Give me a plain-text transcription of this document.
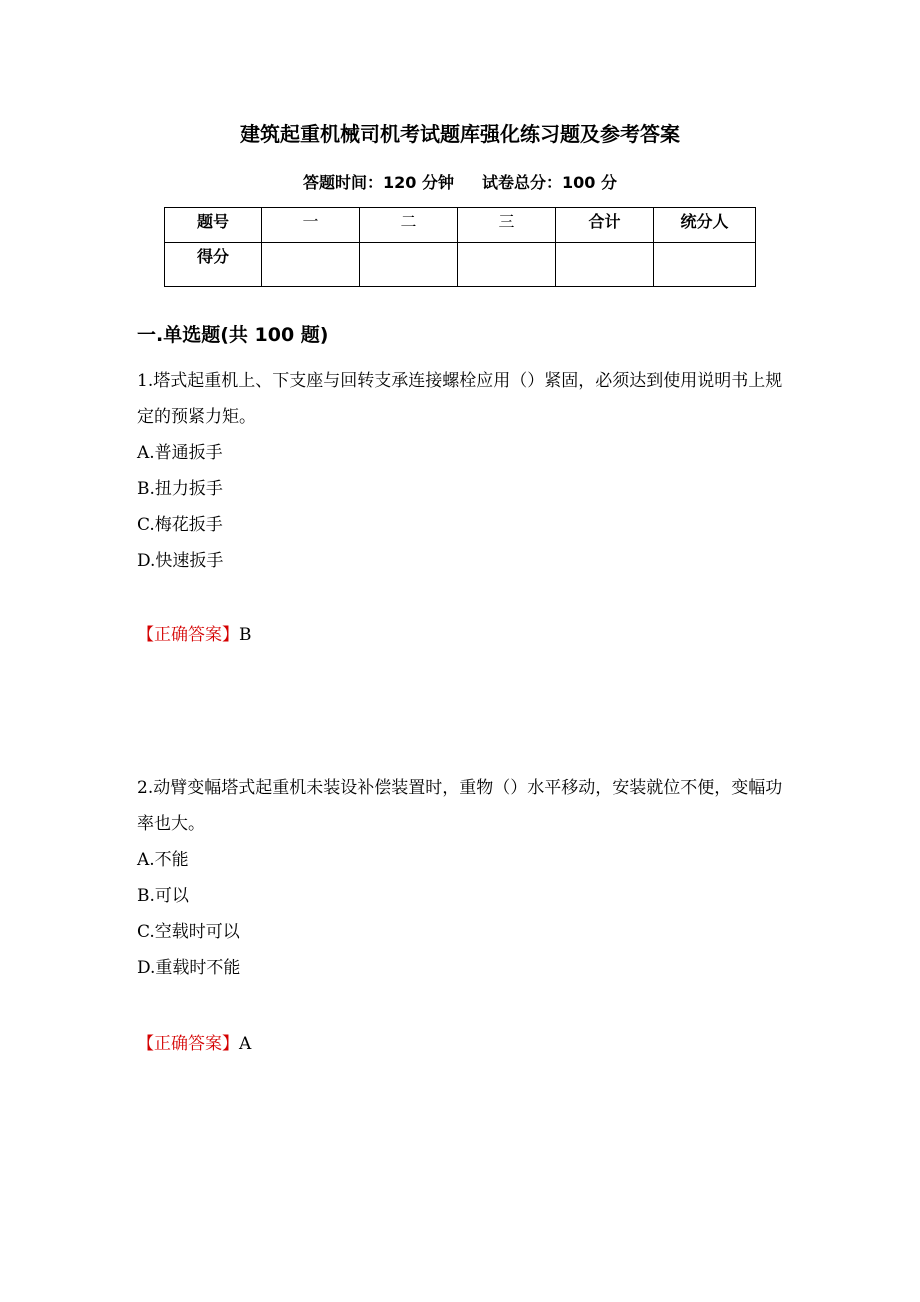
建筑起重机械司机考试题库强化练习题及参考答案
答题时间：120 分钟 试卷总分：100 分
题号	一	二	三	合计	统分人
得分					
一.单选题(共 100 题)
1.塔式起重机上、下支座与回转支承连接螺栓应用（）紧固，必须达到使用说明书上规定的预紧力矩。
A.普通扳手
B.扭力扳手
C.梅花扳手
D.快速扳手
【正确答案】B
2.动臂变幅塔式起重机未装设补偿装置时，重物（）水平移动，安装就位不便，变幅功率也大。
A.不能
B.可以
C.空载时可以
D.重载时不能
【正确答案】A
